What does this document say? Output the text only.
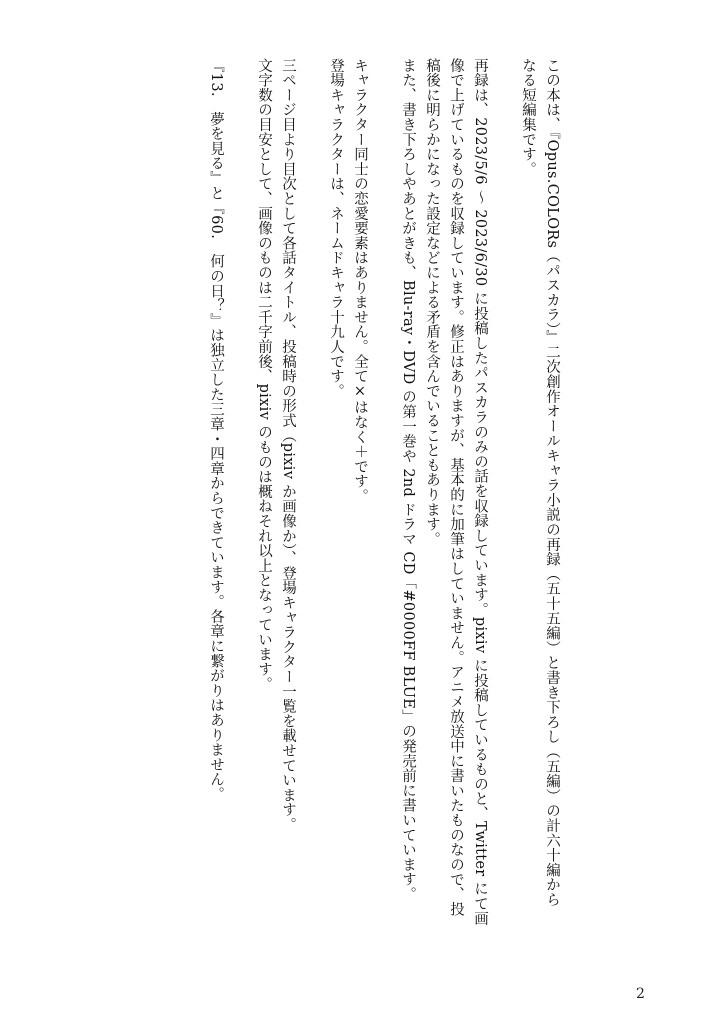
この本は、『Opus.COLORs（パスカラ）』二次創作オールキャラ小説の再録（五十五編）と書き下ろし（五編）の計六十編から
なる短編集です。

再録は、2023/5/6 ～ 2023/6/30 に投稿したパスカラのみの話を収録しています。pixiv に投稿しているものと、Twitter にて画
像で上げているものを収録しています。修正はありますが、基本的に加筆はしていません。アニメ放送中に書いたものなので、投
稿後に明らかになった設定などによる矛盾を含んでいることもあります。
また、書き下ろしやあとがきも、Blu-ray・DVD の第一巻や 2nd ドラマ CD「#0000FF BLUE」の発売前に書いています。

キャラクター同士の恋愛要素はありません。全て×はなく＋です。
登場キャラクターは、ネームドキャラ十九人です。

三ページ目より目次として各話タイトル、投稿時の形式（pixiv か画像か）、登場キャラクター一覧を載せています。
文字数の目安として、画像のものは二千字前後、pixiv のものは概ねそれ以上となっています。

『13.　夢を見る』と『60.　何の日？』は独立した三章・四章からできています。各章に繋がりはありません。

2
